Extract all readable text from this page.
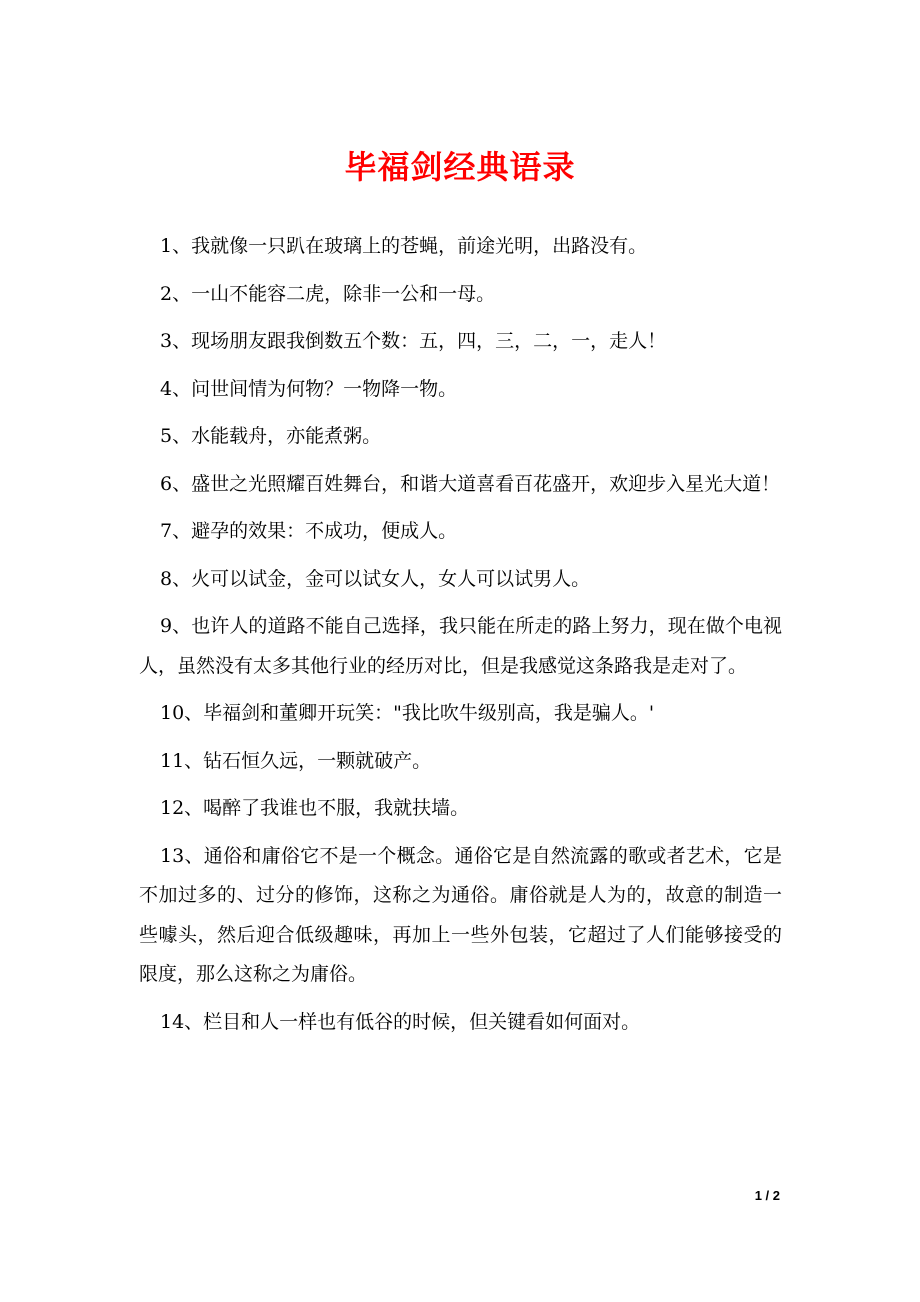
毕福剑经典语录

1、我就像一只趴在玻璃上的苍蝇，前途光明，出路没有。

2、一山不能容二虎，除非一公和一母。

3、现场朋友跟我倒数五个数：五，四，三，二，一，走人！

4、问世间情为何物？一物降一物。

5、水能载舟，亦能煮粥。

6、盛世之光照耀百姓舞台，和谐大道喜看百花盛开，欢迎步入星光大道！

7、避孕的效果：不成功，便成人。

8、火可以试金，金可以试女人，女人可以试男人。

9、也许人的道路不能自己选择，我只能在所走的路上努力，现在做个电视人，虽然没有太多其他行业的经历对比，但是我感觉这条路我是走对了。

10、毕福剑和董卿开玩笑："我比吹牛级别高，我是骗人。'

11、钻石恒久远，一颗就破产。

12、喝醉了我谁也不服，我就扶墙。

13、通俗和庸俗它不是一个概念。通俗它是自然流露的歌或者艺术，它是不加过多的、过分的修饰，这称之为通俗。庸俗就是人为的，故意的制造一些噱头，然后迎合低级趣味，再加上一些外包装，它超过了人们能够接受的限度，那么这称之为庸俗。

14、栏目和人一样也有低谷的时候，但关键看如何面对。

1 / 2
